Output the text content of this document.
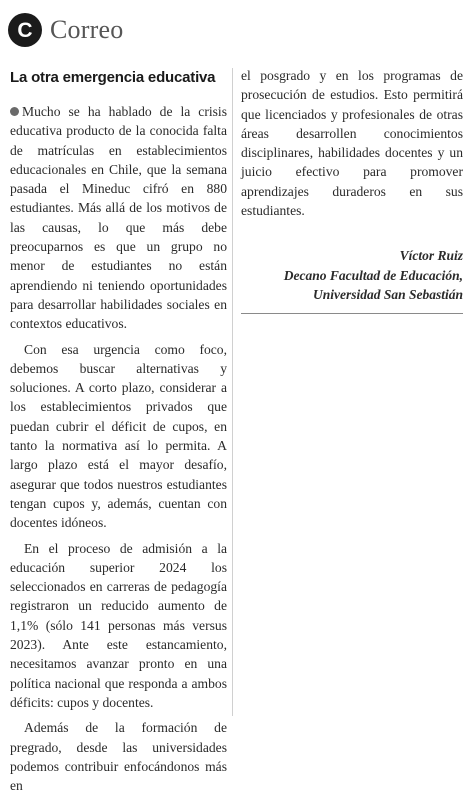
C Correo
La otra emergencia educativa

Mucho se ha hablado de la crisis educativa producto de la conocida falta de matrículas en establecimientos educacionales en Chile, que la semana pasada el Mineduc cifró en 880 estudiantes. Más allá de los motivos de las causas, lo que más debe preocuparnos es que un grupo no menor de estudiantes no están aprendiendo ni teniendo oportunidades para desarrollar habilidades sociales en contextos educativos.

Con esa urgencia como foco, debemos buscar alternativas y soluciones. A corto plazo, considerar a los establecimientos privados que puedan cubrir el déficit de cupos, en tanto la normativa así lo permita. A largo plazo está el mayor desafío, asegurar que todos nuestros estudiantes tengan cupos y, además, cuentan con docentes idóneos.

En el proceso de admisión a la educación superior 2024 los seleccionados en carreras de pedagogía registraron un reducido aumento de 1,1% (sólo 141 personas más versus 2023). Ante este estancamiento, necesitamos avanzar pronto en una política nacional que responda a ambos déficits: cupos y docentes.

Además de la formación de pregrado, desde las universidades podemos contribuir enfocándonos más en

el posgrado y en los programas de prosecución de estudios. Esto permitirá que licenciados y profesionales de otras áreas desarrollen conocimientos disciplinares, habilidades docentes y un juicio efectivo para promover aprendizajes duraderos en sus estudiantes.

Víctor Ruiz
Decano Facultad de Educación,
Universidad San Sebastián
